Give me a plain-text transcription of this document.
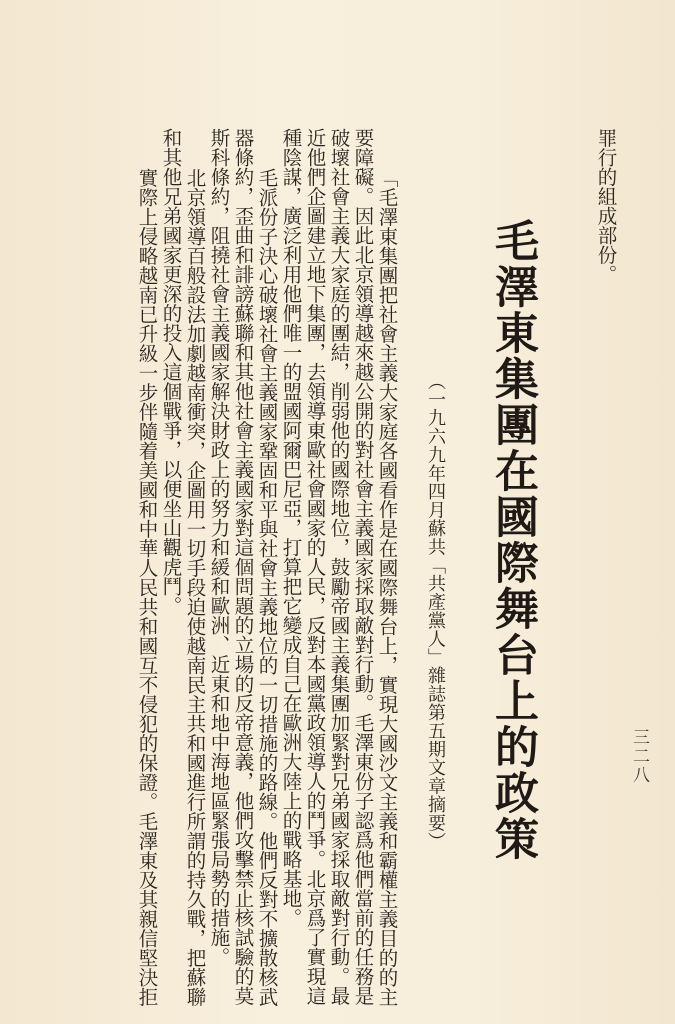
三二八
罪行的組成部份。
毛澤東集團在國際舞台上的政策
（一九六九年四月蘇共「共產黨人」雜誌第五期文章摘要）
「毛澤東集團把社會主義大家庭各國看作是在國際舞台上，實現大國沙文主義和霸權主義目的的主
要障礙。因此北京領導越來越公開的對社會主義國家採取敵對行動。毛澤東份子認爲他們當前的任務是
破壞社會主義大家庭的團結，削弱他的國際地位，鼓勵帝國主義集團加緊對兄弟國家採取敵對行動。最
近他們企圖建立地下集團，去領導東歐社會國家的人民，反對本國黨政領導人的鬥爭。北京爲了實現這
種陰謀，廣泛利用他們唯一的盟國阿爾巴尼亞，打算把它變成自己在歐洲大陸上的戰略基地。
毛派份子決心破壞社會主義國家鞏固和平與社會主義地位的一切措施的路線。他們反對不擴散核武
器條約，歪曲和誹謗蘇聯和其他社會主義國家對這個問題的立場的反帝意義，他們攻擊禁止核試驗的莫
斯科條約，阻撓社會主義國家解決財政上的努力和緩和歐洲、近東和地中海地區緊張局勢的措施。
北京領導百般設法加劇越南衝突，企圖用一切手段迫使越南民主共和國進行所謂的持久戰，把蘇聯
和其他兄弟國家更深的投入這個戰爭，以便坐山觀虎鬥。
實際上侵略越南已升級一步伴隨着美國和中華人民共和國互不侵犯的保證。毛澤東及其親信堅決拒
